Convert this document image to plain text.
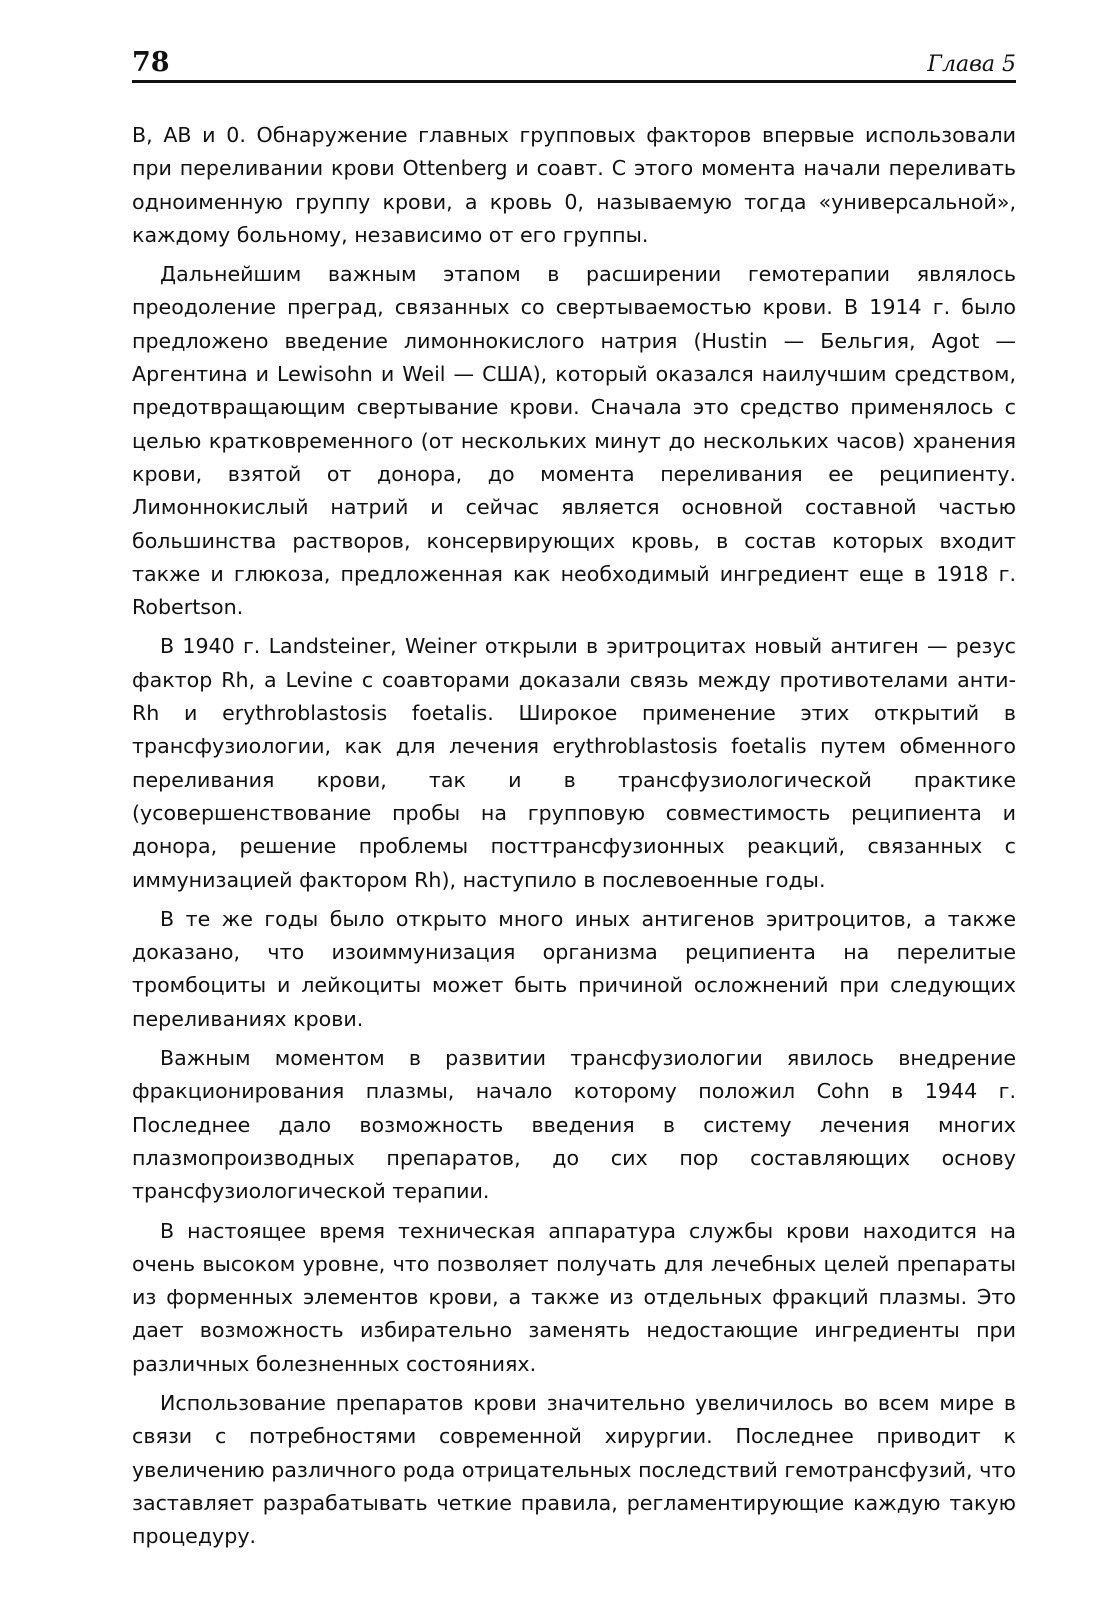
78	Глава 5

B, AB и 0. Обнаружение главных групповых факторов впервые использовали при переливании крови Ottenberg и соавт. С этого момента начали переливать одноименную группу крови, а кровь 0, называемую тогда «универсальной», каждому больному, независимо от его группы.

Дальнейшим важным этапом в расширении гемотерапии являлось преодоление преград, связанных со свертываемостью крови. В 1914 г. было предложено введение лимоннокислого натрия (Hustin — Бельгия, Agot — Аргентина и Lewisohn и Weil — США), который оказался наилучшим средством, предотвращающим свертывание крови. Сначала это средство применялось с целью кратковременного (от нескольких минут до нескольких часов) хранения крови, взятой от донора, до момента переливания ее реципиенту. Лимоннокислый натрий и сейчас является основной составной частью большинства растворов, консервирующих кровь, в состав которых входит также и глюкоза, предложенная как необходимый ингредиент еще в 1918 г. Robertson.

В 1940 г. Landsteiner, Weiner открыли в эритроцитах новый антиген — резус фактор Rh, а Levine с соавторами доказали связь между противотелами анти-Rh и erythroblastosis foetalis. Широкое применение этих открытий в трансфузиологии, как для лечения erythroblastosis foetalis путем обменного переливания крови, так и в трансфузиологической практике (усовершенствование пробы на групповую совместимость реципиента и донора, решение проблемы посттрансфузионных реакций, связанных с иммунизацией фактором Rh), наступило в послевоенные годы.

В те же годы было открыто много иных антигенов эритроцитов, а также доказано, что изоиммунизация организма реципиента на перелитые тромбоциты и лейкоциты может быть причиной осложнений при следующих переливаниях крови.

Важным моментом в развитии трансфузиологии явилось внедрение фракционирования плазмы, начало которому положил Cohn в 1944 г. Последнее дало возможность введения в систему лечения многих плазмопроизводных препаратов, до сих пор составляющих основу трансфузиологической терапии.

В настоящее время техническая аппаратура службы крови находится на очень высоком уровне, что позволяет получать для лечебных целей препараты из форменных элементов крови, а также из отдельных фракций плазмы. Это дает возможность избирательно заменять недостающие ингредиенты при различных болезненных состояниях.

Использование препаратов крови значительно увеличилось во всем мире в связи с потребностями современной хирургии. Последнее приводит к увеличению различного рода отрицательных последствий гемотрансфузий, что заставляет разрабатывать четкие правила, регламентирующие каждую такую процедуру.
